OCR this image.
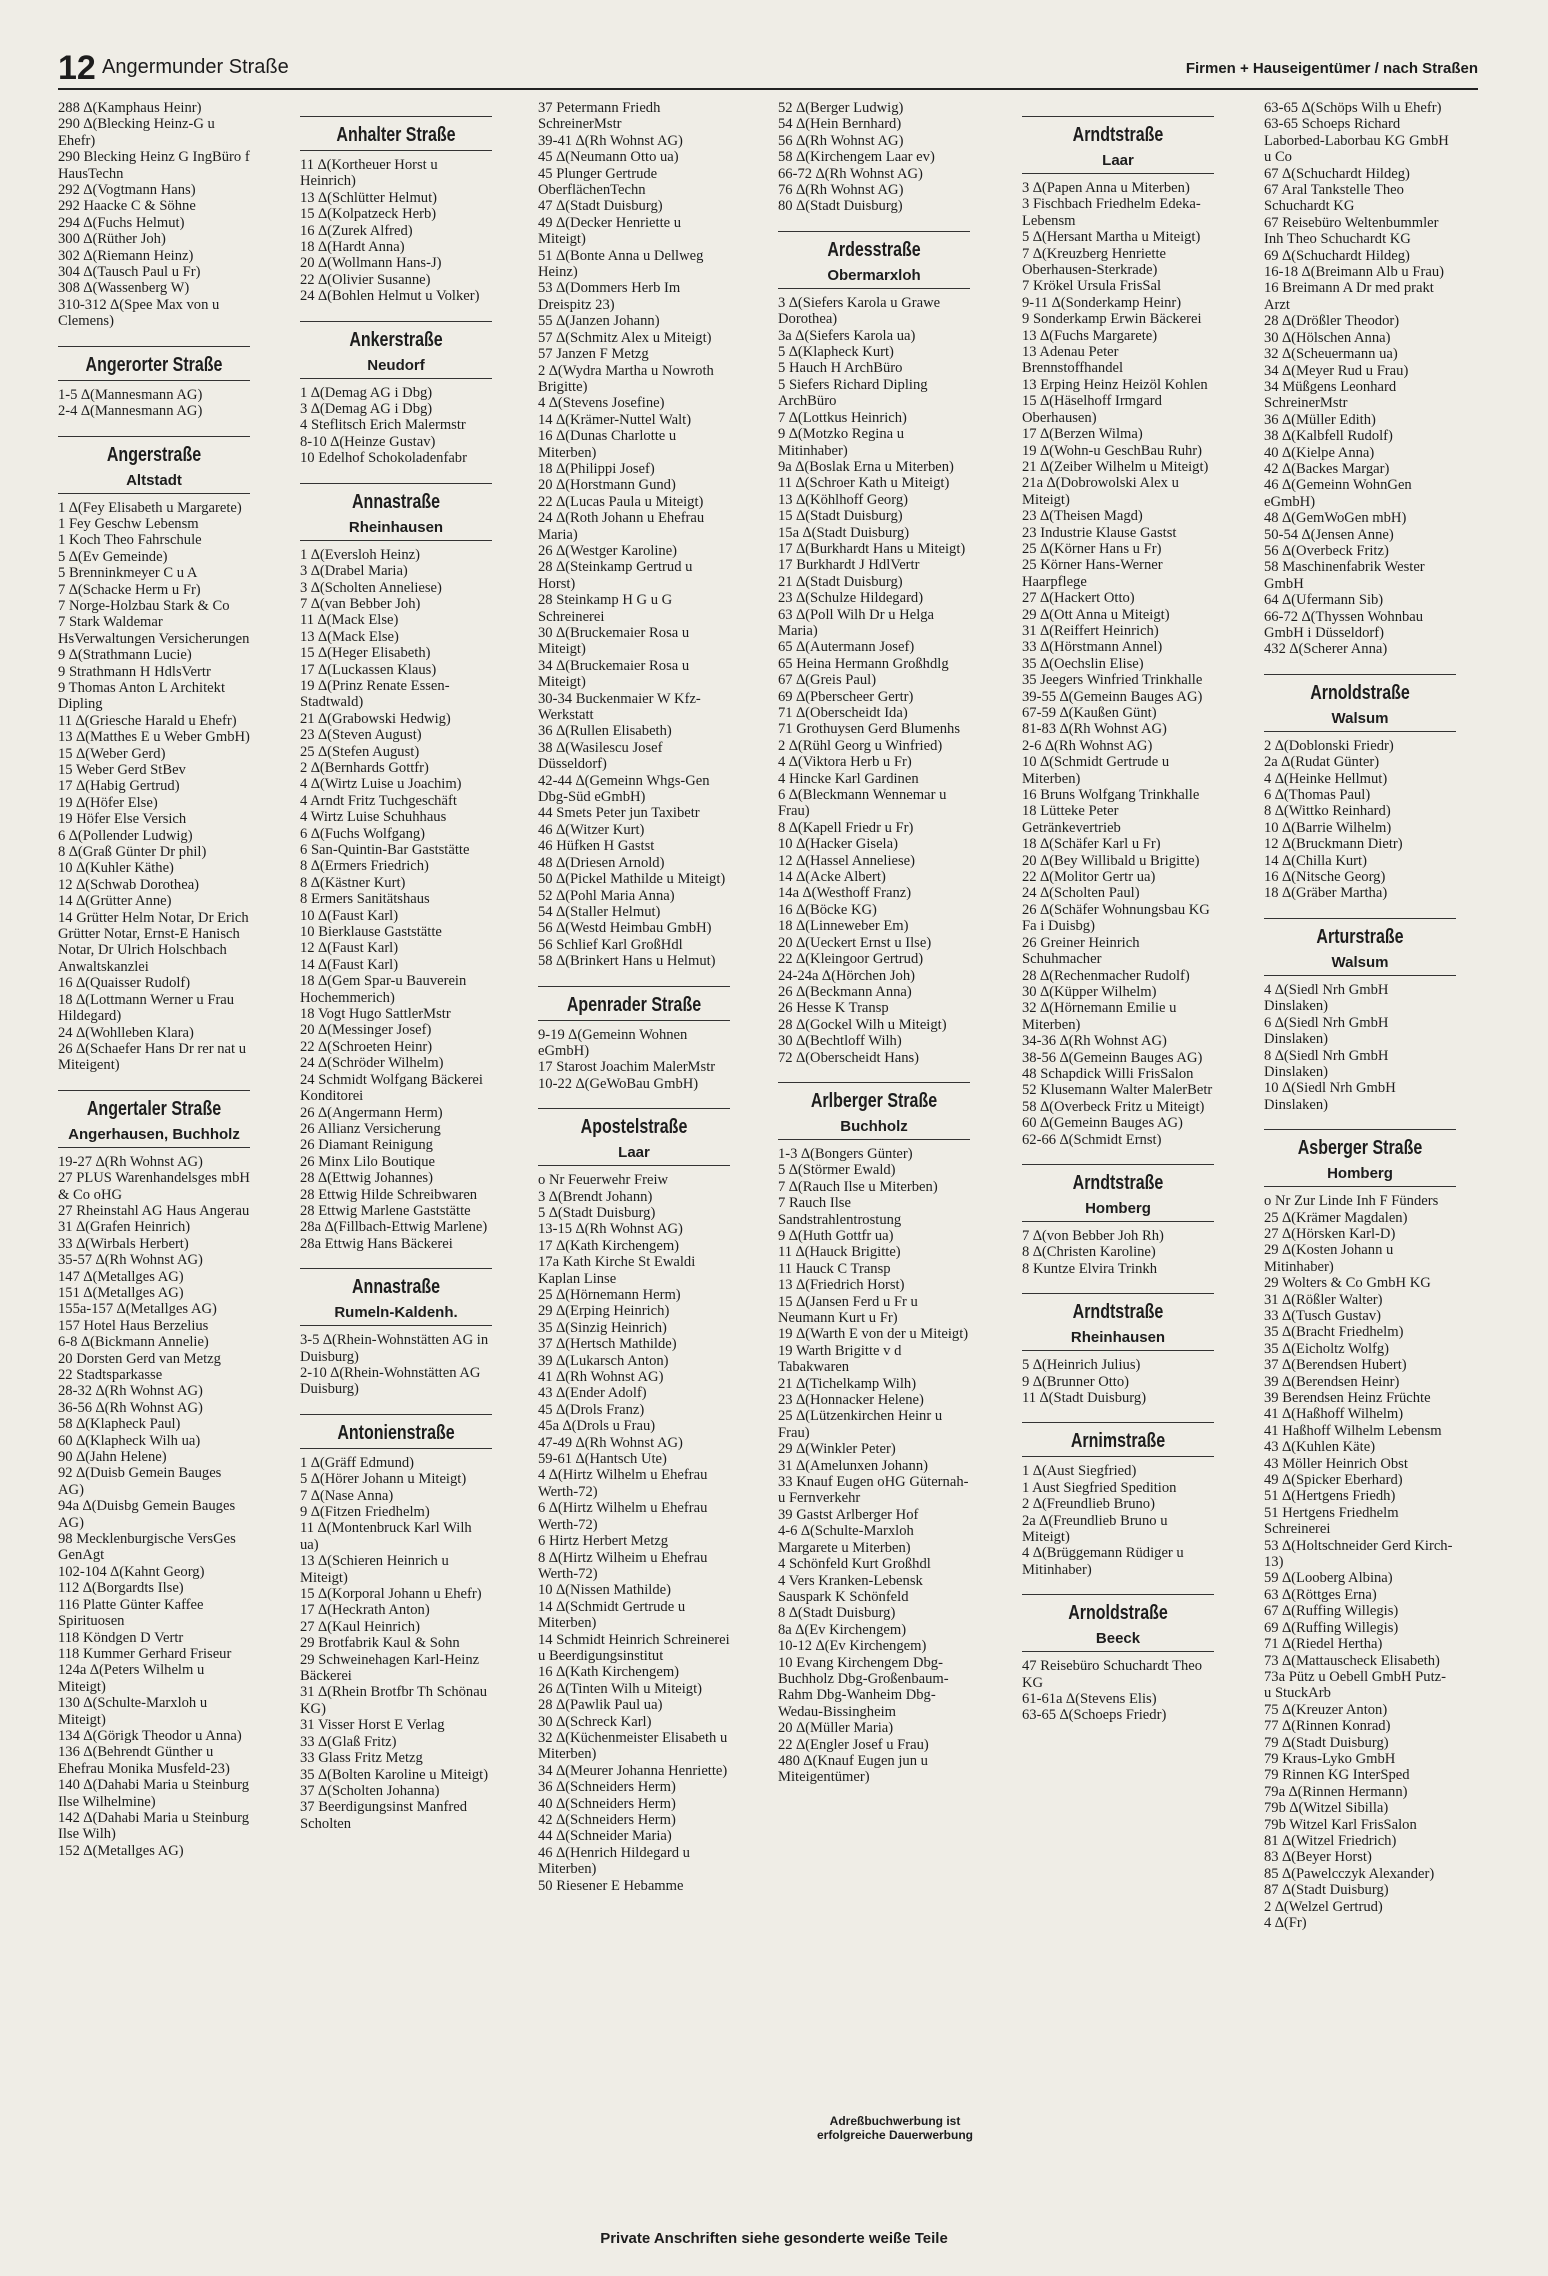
12 Angermunder Straße	Firmen + Hauseigentümer / nach Straßen
288 ∆(Kamphaus Heinr)
290 ∆(Blecking Heinz-G u Ehefr)
290 Blecking Heinz G IngBüro f HausTechn
292 ∆(Vogtmann Hans)
292 Haacke C & Söhne
294 ∆(Fuchs Helmut)
300 ∆(Rüther Joh)
302 ∆(Riemann Heinz)
304 ∆(Tausch Paul u Fr)
308 ∆(Wassenberg W)
310-312 ∆(Spee Max von u Clemens)
Angerorter Straße
1-5 ∆(Mannesmann AG)
2-4 ∆(Mannesmann AG)
Angerstraße
Altstadt
1 ∆(Fey Elisabeth u Margarete)
1 Fey Geschw Lebensm
1 Koch Theo Fahrschule
5 ∆(Ev Gemeinde)
5 Brenninkmeyer C u A
7 ∆(Schacke Herm u Fr)
7 Norge-Holzbau Stark & Co
7 Stark Waldemar HsVerwaltungen Versicherungen
9 ∆(Strathmann Lucie)
9 Strathmann H HdlsVertr
9 Thomas Anton L Architekt Dipling
11 ∆(Griesche Harald u Ehefr)
13 ∆(Matthes E u Weber GmbH)
15 ∆(Weber Gerd)
15 Weber Gerd StBev
17 ∆(Habig Gertrud)
19 ∆(Höfer Else)
19 Höfer Else Versich
6 ∆(Pollender Ludwig)
8 ∆(Graß Günter Dr phil)
10 ∆(Kuhler Käthe)
12 ∆(Schwab Dorothea)
14 ∆(Grütter Anne)
14 Grütter Helm Notar, Dr Erich Grütter Notar, Ernst-E Hanisch Notar, Dr Ulrich Holschbach Anwaltskanzlei
16 ∆(Quaisser Rudolf)
18 ∆(Lottmann Werner u Frau Hildegard)
24 ∆(Wohlleben Klara)
26 ∆(Schaefer Hans Dr rer nat u Miteigent)
Angertaler Straße
Angerhausen, Buchholz
19-27 ∆(Rh Wohnst AG)
27 PLUS Warenhandelsges mbH & Co oHG
27 Rheinstahl AG Haus Angerau
31 ∆(Grafen Heinrich)
33 ∆(Wirbals Herbert)
35-57 ∆(Rh Wohnst AG)
147 ∆(Metallges AG)
151 ∆(Metallges AG)
155a-157 ∆(Metallges AG)
157 Hotel Haus Berzelius
6-8 ∆(Bickmann Annelie)
20 Dorsten Gerd van Metzg
22 Stadtsparkasse
28-32 ∆(Rh Wohnst AG)
36-56 ∆(Rh Wohnst AG)
58 ∆(Klapheck Paul)
60 ∆(Klapheck Wilh ua)
90 ∆(Jahn Helene)
92 ∆(Duisb Gemein Bauges AG)
94a ∆(Duisbg Gemein Bauges AG)
98 Mecklenburgische VersGes GenAgt
102-104 ∆(Kahnt Georg)
112 ∆(Borgardts Ilse)
116 Platte Günter Kaffee Spirituosen
118 Köndgen D Vertr
118 Kummer Gerhard Friseur
124a ∆(Peters Wilhelm u Miteigt)
130 ∆(Schulte-Marxloh u Miteigt)
134 ∆(Görigk Theodor u Anna)
136 ∆(Behrendt Günther u Ehefrau Monika Musfeld-23)
140 ∆(Dahabi Maria u Steinburg Ilse Wilhelmine)
142 ∆(Dahabi Maria u Steinburg Ilse Wilh)
152 ∆(Metallges AG)
Anhalter Straße
11 ∆(Kortheuer Horst u Heinrich)
13 ∆(Schlütter Helmut)
15 ∆(Kolpatzeck Herb)
16 ∆(Zurek Alfred)
18 ∆(Hardt Anna)
20 ∆(Wollmann Hans-J)
22 ∆(Olivier Susanne)
24 ∆(Bohlen Helmut u Volker)
Ankerstraße
Neudorf
1 ∆(Demag AG i Dbg)
3 ∆(Demag AG i Dbg)
4 Steflitsch Erich Malermstr
8-10 ∆(Heinze Gustav)
10 Edelhof Schokoladenfabr
Annastraße
Rheinhausen
1 ∆(Eversloh Heinz)
3 ∆(Drabel Maria)
3 ∆(Scholten Anneliese)
7 ∆(van Bebber Joh)
11 ∆(Mack Else)
13 ∆(Mack Else)
15 ∆(Heger Elisabeth)
17 ∆(Luckassen Klaus)
19 ∆(Prinz Renate Essen-Stadtwald)
21 ∆(Grabowski Hedwig)
23 ∆(Steven August)
25 ∆(Stefen August)
2 ∆(Bernhards Gottfr)
4 ∆(Wirtz Luise u Joachim)
4 Arndt Fritz Tuchgeschäft
4 Wirtz Luise Schuhhaus
6 ∆(Fuchs Wolfgang)
6 San-Quintin-Bar Gaststätte
8 ∆(Ermers Friedrich)
8 ∆(Kästner Kurt)
8 Ermers Sanitätshaus
10 ∆(Faust Karl)
10 Bierklause Gaststätte
12 ∆(Faust Karl)
14 ∆(Faust Karl)
18 ∆(Gem Spar-u Bauverein Hochemmerich)
18 Vogt Hugo SattlerMstr
20 ∆(Messinger Josef)
22 ∆(Schroeten Heinr)
24 ∆(Schröder Wilhelm)
24 Schmidt Wolfgang Bäckerei Konditorei
26 ∆(Angermann Herm)
26 Allianz Versicherung
26 Diamant Reinigung
26 Minx Lilo Boutique
28 ∆(Ettwig Johannes)
28 Ettwig Hilde Schreibwaren
28 Ettwig Marlene Gaststätte
28a ∆(Fillbach-Ettwig Marlene)
28a Ettwig Hans Bäckerei
Annastraße
Rumeln-Kaldenh.
3-5 ∆(Rhein-Wohnstätten AG in Duisburg)
2-10 ∆(Rhein-Wohnstätten AG Duisburg)
Antonienstraße
1 ∆(Gräff Edmund)
5 ∆(Hörer Johann u Miteigt)
7 ∆(Nase Anna)
9 ∆(Fitzen Friedhelm)
11 ∆(Montenbruck Karl Wilh ua)
13 ∆(Schieren Heinrich u Miteigt)
15 ∆(Korporal Johann u Ehefr)
17 ∆(Heckrath Anton)
27 ∆(Kaul Heinrich)
29 Brotfabrik Kaul & Sohn
29 Schweinehagen Karl-Heinz Bäckerei
31 ∆(Rhein Brotfbr Th Schönau KG)
31 Visser Horst E Verlag
33 ∆(Glaß Fritz)
33 Glass Fritz Metzg
35 ∆(Bolten Karoline u Miteigt)
37 ∆(Scholten Johanna)
37 Beerdigungsinst Manfred Scholten
37 Petermann Friedh SchreinerMstr
39-41 ∆(Rh Wohnst AG)
45 ∆(Neumann Otto ua)
45 Plunger Gertrude OberflächenTechn
47 ∆(Stadt Duisburg)
49 ∆(Decker Henriette u Miteigt)
51 ∆(Bonte Anna u Dellweg Heinz)
53 ∆(Dommers Herb Im Dreispitz 23)
55 ∆(Janzen Johann)
57 ∆(Schmitz Alex u Miteigt)
57 Janzen F Metzg
2 ∆(Wydra Martha u Nowroth Brigitte)
4 ∆(Stevens Josefine)
14 ∆(Krämer-Nuttel Walt)
16 ∆(Dunas Charlotte u Miterben)
18 ∆(Philippi Josef)
20 ∆(Horstmann Gund)
22 ∆(Lucas Paula u Miteigt)
24 ∆(Roth Johann u Ehefrau Maria)
26 ∆(Westger Karoline)
28 ∆(Steinkamp Gertrud u Horst)
28 Steinkamp H G u G Schreinerei
30 ∆(Bruckemaier Rosa u Miteigt)
34 ∆(Bruckemaier Rosa u Miteigt)
30-34 Buckenmaier W Kfz-Werkstatt
36 ∆(Rullen Elisabeth)
38 ∆(Wasilescu Josef Düsseldorf)
42-44 ∆(Gemeinn Whgs-Gen Dbg-Süd eGmbH)
44 Smets Peter jun Taxibetr
46 ∆(Witzer Kurt)
46 Hüfken H Gastst
48 ∆(Driesen Arnold)
50 ∆(Pickel Mathilde u Miteigt)
52 ∆(Pohl Maria Anna)
54 ∆(Staller Helmut)
56 ∆(Westd Heimbau GmbH)
56 Schlief Karl GroßHdl
58 ∆(Brinkert Hans u Helmut)
Apenrader Straße
9-19 ∆(Gemeinn Wohnen eGmbH)
17 Starost Joachim MalerMstr
10-22 ∆(GeWoBau GmbH)
Apostelstraße
Laar
o Nr Feuerwehr Freiw
3 ∆(Brendt Johann)
5 ∆(Stadt Duisburg)
13-15 ∆(Rh Wohnst AG)
17 ∆(Kath Kirchengem)
17a Kath Kirche St Ewaldi Kaplan Linse
25 ∆(Hörnemann Herm)
29 ∆(Erping Heinrich)
35 ∆(Sinzig Heinrich)
37 ∆(Hertsch Mathilde)
39 ∆(Lukarsch Anton)
41 ∆(Rh Wohnst AG)
43 ∆(Ender Adolf)
45 ∆(Drols Franz)
45a ∆(Drols u Frau)
47-49 ∆(Rh Wohnst AG)
59-61 ∆(Hantsch Ute)
4 ∆(Hirtz Wilhelm u Ehefrau Werth-72)
6 ∆(Hirtz Wilhelm u Ehefrau Werth-72)
6 Hirtz Herbert Metzg
8 ∆(Hirtz Wilheim u Ehefrau Werth-72)
10 ∆(Nissen Mathilde)
14 ∆(Schmidt Gertrude u Miterben)
14 Schmidt Heinrich Schreinerei u Beerdigungsinstitut
16 ∆(Kath Kirchengem)
26 ∆(Tinten Wilh u Miteigt)
28 ∆(Pawlik Paul ua)
30 ∆(Schreck Karl)
32 ∆(Küchenmeister Elisabeth u Miterben)
34 ∆(Meurer Johanna Henriette)
36 ∆(Schneiders Herm)
40 ∆(Schneiders Herm)
42 ∆(Schneiders Herm)
44 ∆(Schneider Maria)
46 ∆(Henrich Hildegard u Miterben)
50 Riesener E Hebamme
52 ∆(Berger Ludwig)
54 ∆(Hein Bernhard)
56 ∆(Rh Wohnst AG)
58 ∆(Kirchengem Laar ev)
66-72 ∆(Rh Wohnst AG)
76 ∆(Rh Wohnst AG)
80 ∆(Stadt Duisburg)
Ardesstraße
Obermarxloh
3 ∆(Siefers Karola u Grawe Dorothea)
3a ∆(Siefers Karola ua)
5 ∆(Klapheck Kurt)
5 Hauch H ArchBüro
5 Siefers Richard Dipling ArchBüro
7 ∆(Lottkus Heinrich)
9 ∆(Motzko Regina u Mitinhaber)
9a ∆(Boslak Erna u Miterben)
11 ∆(Schroer Kath u Miteigt)
13 ∆(Köhlhoff Georg)
15 ∆(Stadt Duisburg)
15a ∆(Stadt Duisburg)
17 ∆(Burkhardt Hans u Miteigt)
17 Burkhardt J HdlVertr
21 ∆(Stadt Duisburg)
23 ∆(Schulze Hildegard)
63 ∆(Poll Wilh Dr u Helga Maria)
65 ∆(Autermann Josef)
65 Heina Hermann Großhdlg
67 ∆(Greis Paul)
69 ∆(Pberscheer Gertr)
71 ∆(Oberscheidt Ida)
71 Grothuysen Gerd Blumenhs
2 ∆(Rühl Georg u Winfried)
4 ∆(Viktora Herb u Fr)
4 Hincke Karl Gardinen
6 ∆(Bleckmann Wennemar u Frau)
8 ∆(Kapell Friedr u Fr)
10 ∆(Hacker Gisela)
12 ∆(Hassel Anneliese)
14 ∆(Acke Albert)
14a ∆(Westhoff Franz)
16 ∆(Böcke KG)
18 ∆(Linneweber Em)
20 ∆(Ueckert Ernst u Ilse)
22 ∆(Kleingoor Gertrud)
24-24a ∆(Hörchen Joh)
26 ∆(Beckmann Anna)
26 Hesse K Transp
28 ∆(Gockel Wilh u Miteigt)
30 ∆(Bechtloff Wilh)
72 ∆(Oberscheidt Hans)
Arlberger Straße
Buchholz
1-3 ∆(Bongers Günter)
5 ∆(Störmer Ewald)
7 ∆(Rauch Ilse u Miterben)
7 Rauch Ilse Sandstrahlentrostung
9 ∆(Huth Gottfr ua)
11 ∆(Hauck Brigitte)
11 Hauck C Transp
13 ∆(Friedrich Horst)
15 ∆(Jansen Ferd u Fr u Neumann Kurt u Fr)
19 ∆(Warth E von der u Miteigt)
19 Warth Brigitte v d Tabakwaren
21 ∆(Tichelkamp Wilh)
23 ∆(Honnacker Helene)
25 ∆(Lützenkirchen Heinr u Frau)
29 ∆(Winkler Peter)
31 ∆(Amelunxen Johann)
33 Knauf Eugen oHG Güternah- u Fernverkehr
39 Gastst Arlberger Hof
4-6 ∆(Schulte-Marxloh Margarete u Miterben)
4 Schönfeld Kurt Großhdl
4 Vers Kranken-Lebensk Sauspark K Schönfeld
8 ∆(Stadt Duisburg)
8a ∆(Ev Kirchengem)
10-12 ∆(Ev Kirchengem)
10 Evang Kirchengem Dbg-Buchholz Dbg-Großenbaum-Rahm Dbg-Wanheim Dbg-Wedau-Bissingheim
20 ∆(Müller Maria)
22 ∆(Engler Josef u Frau)
480 ∆(Knauf Eugen jun u Miteigentümer)
Arndtstraße
Laar
3 ∆(Papen Anna u Miterben)
3 Fischbach Friedhelm Edeka-Lebensm
5 ∆(Hersant Martha u Miteigt)
7 ∆(Kreuzberg Henriette Oberhausen-Sterkrade)
7 Krökel Ursula FrisSal
9-11 ∆(Sonderkamp Heinr)
9 Sonderkamp Erwin Bäckerei
13 ∆(Fuchs Margarete)
13 Adenau Peter Brennstoffhandel
13 Erping Heinz Heizöl Kohlen
15 ∆(Häselhoff Irmgard Oberhausen)
17 ∆(Berzen Wilma)
19 ∆(Wohn-u GeschBau Ruhr)
21 ∆(Zeiber Wilhelm u Miteigt)
21a ∆(Dobrowolski Alex u Miteigt)
23 ∆(Theisen Magd)
23 Industrie Klause Gastst
25 ∆(Körner Hans u Fr)
25 Körner Hans-Werner Haarpflege
27 ∆(Hackert Otto)
29 ∆(Ott Anna u Miteigt)
31 ∆(Reiffert Heinrich)
33 ∆(Hörstmann Annel)
35 ∆(Oechslin Elise)
35 Jeegers Winfried Trinkhalle
39-55 ∆(Gemeinn Bauges AG)
67-59 ∆(Kaußen Günt)
81-83 ∆(Rh Wohnst AG)
2-6 ∆(Rh Wohnst AG)
10 ∆(Schmidt Gertrude u Miterben)
16 Bruns Wolfgang Trinkhalle
18 Lütteke Peter Getränkevertrieb
18 ∆(Schäfer Karl u Fr)
20 ∆(Bey Willibald u Brigitte)
22 ∆(Molitor Gertr ua)
24 ∆(Scholten Paul)
26 ∆(Schäfer Wohnungsbau KG Fa i Duisbg)
26 Greiner Heinrich Schuhmacher
28 ∆(Rechenmacher Rudolf)
30 ∆(Küpper Wilhelm)
32 ∆(Hörnemann Emilie u Miterben)
34-36 ∆(Rh Wohnst AG)
38-56 ∆(Gemeinn Bauges AG)
48 Schapdick Willi FrisSalon
52 Klusemann Walter MalerBetr
58 ∆(Overbeck Fritz u Miteigt)
60 ∆(Gemeinn Bauges AG)
62-66 ∆(Schmidt Ernst)
Arndtstraße
Homberg
7 ∆(von Bebber Joh Rh)
8 ∆(Christen Karoline)
8 Kuntze Elvira Trinkh
Arndtstraße
Rheinhausen
5 ∆(Heinrich Julius)
9 ∆(Brunner Otto)
11 ∆(Stadt Duisburg)
Arnimstraße
1 ∆(Aust Siegfried)
1 Aust Siegfried Spedition
2 ∆(Freundlieb Bruno)
2a ∆(Freundlieb Bruno u Miteigt)
4 ∆(Brüggemann Rüdiger u Mitinhaber)
Arnoldstraße
Beeck
47 Reisebüro Schuchardt Theo KG
61-61a ∆(Stevens Elis)
63-65 ∆(Schoeps Friedr)
63-65 ∆(Schöps Wilh u Ehefr)
63-65 Schoeps Richard Laborbed-Laborbau KG GmbH u Co
67 ∆(Schuchardt Hildeg)
67 Aral Tankstelle Theo Schuchardt KG
67 Reisebüro Weltenbummler Inh Theo Schuchardt KG
69 ∆(Schuchardt Hildeg)
16-18 ∆(Breimann Alb u Frau)
16 Breimann A Dr med prakt Arzt
28 ∆(Drößler Theodor)
30 ∆(Hölschen Anna)
32 ∆(Scheuermann ua)
34 ∆(Meyer Rud u Frau)
34 Müßgens Leonhard SchreinerMstr
36 ∆(Müller Edith)
38 ∆(Kalbfell Rudolf)
40 ∆(Kielpe Anna)
42 ∆(Backes Margar)
46 ∆(Gemeinn WohnGen eGmbH)
48 ∆(GemWoGen mbH)
50-54 ∆(Jensen Anne)
56 ∆(Overbeck Fritz)
58 Maschinenfabrik Wester GmbH
64 ∆(Ufermann Sib)
66-72 ∆(Thyssen Wohnbau GmbH i Düsseldorf)
432 ∆(Scherer Anna)
Arnoldstraße
Walsum
2 ∆(Doblonski Friedr)
2a ∆(Rudat Günter)
4 ∆(Heinke Hellmut)
6 ∆(Thomas Paul)
8 ∆(Wittko Reinhard)
10 ∆(Barrie Wilhelm)
12 ∆(Bruckmann Dietr)
14 ∆(Chilla Kurt)
16 ∆(Nitsche Georg)
18 ∆(Gräber Martha)
Arturstraße
Walsum
4 ∆(Siedl Nrh GmbH Dinslaken)
6 ∆(Siedl Nrh GmbH Dinslaken)
8 ∆(Siedl Nrh GmbH Dinslaken)
10 ∆(Siedl Nrh GmbH Dinslaken)
Asberger Straße
Homberg
o Nr Zur Linde Inh F Fünders
25 ∆(Krämer Magdalen)
27 ∆(Hörsken Karl-D)
29 ∆(Kosten Johann u Mitinhaber)
29 Wolters & Co GmbH KG
31 ∆(Rößler Walter)
33 ∆(Tusch Gustav)
35 ∆(Bracht Friedhelm)
35 ∆(Eicholtz Wolfg)
37 ∆(Berendsen Hubert)
39 ∆(Berendsen Heinr)
39 Berendsen Heinz Früchte
41 ∆(Haßhoff Wilhelm)
41 Haßhoff Wilhelm Lebensm
43 ∆(Kuhlen Käte)
43 Möller Heinrich Obst
49 ∆(Spicker Eberhard)
51 ∆(Hertgens Friedh)
51 Hertgens Friedhelm Schreinerei
53 ∆(Holtschneider Gerd Kirch-13)
59 ∆(Looberg Albina)
63 ∆(Röttges Erna)
67 ∆(Ruffing Willegis)
69 ∆(Ruffing Willegis)
71 ∆(Riedel Hertha)
73 ∆(Mattauscheck Elisabeth)
73a Pütz u Oebell GmbH Putz- u StuckArb
75 ∆(Kreuzer Anton)
77 ∆(Rinnen Konrad)
79 ∆(Stadt Duisburg)
79 Kraus-Lyko GmbH
79 Rinnen KG InterSped
79a ∆(Rinnen Hermann)
79b ∆(Witzel Sibilla)
79b Witzel Karl FrisSalon
81 ∆(Witzel Friedrich)
83 ∆(Beyer Horst)
85 ∆(Pawelcczyk Alexander)
87 ∆(Stadt Duisburg)
2 ∆(Welzel Gertrud)
4 ∆(Fr)
Adreßbuchwerbung ist erfolgreiche Dauerwerbung
Private Anschriften siehe gesonderte weiße Teile
